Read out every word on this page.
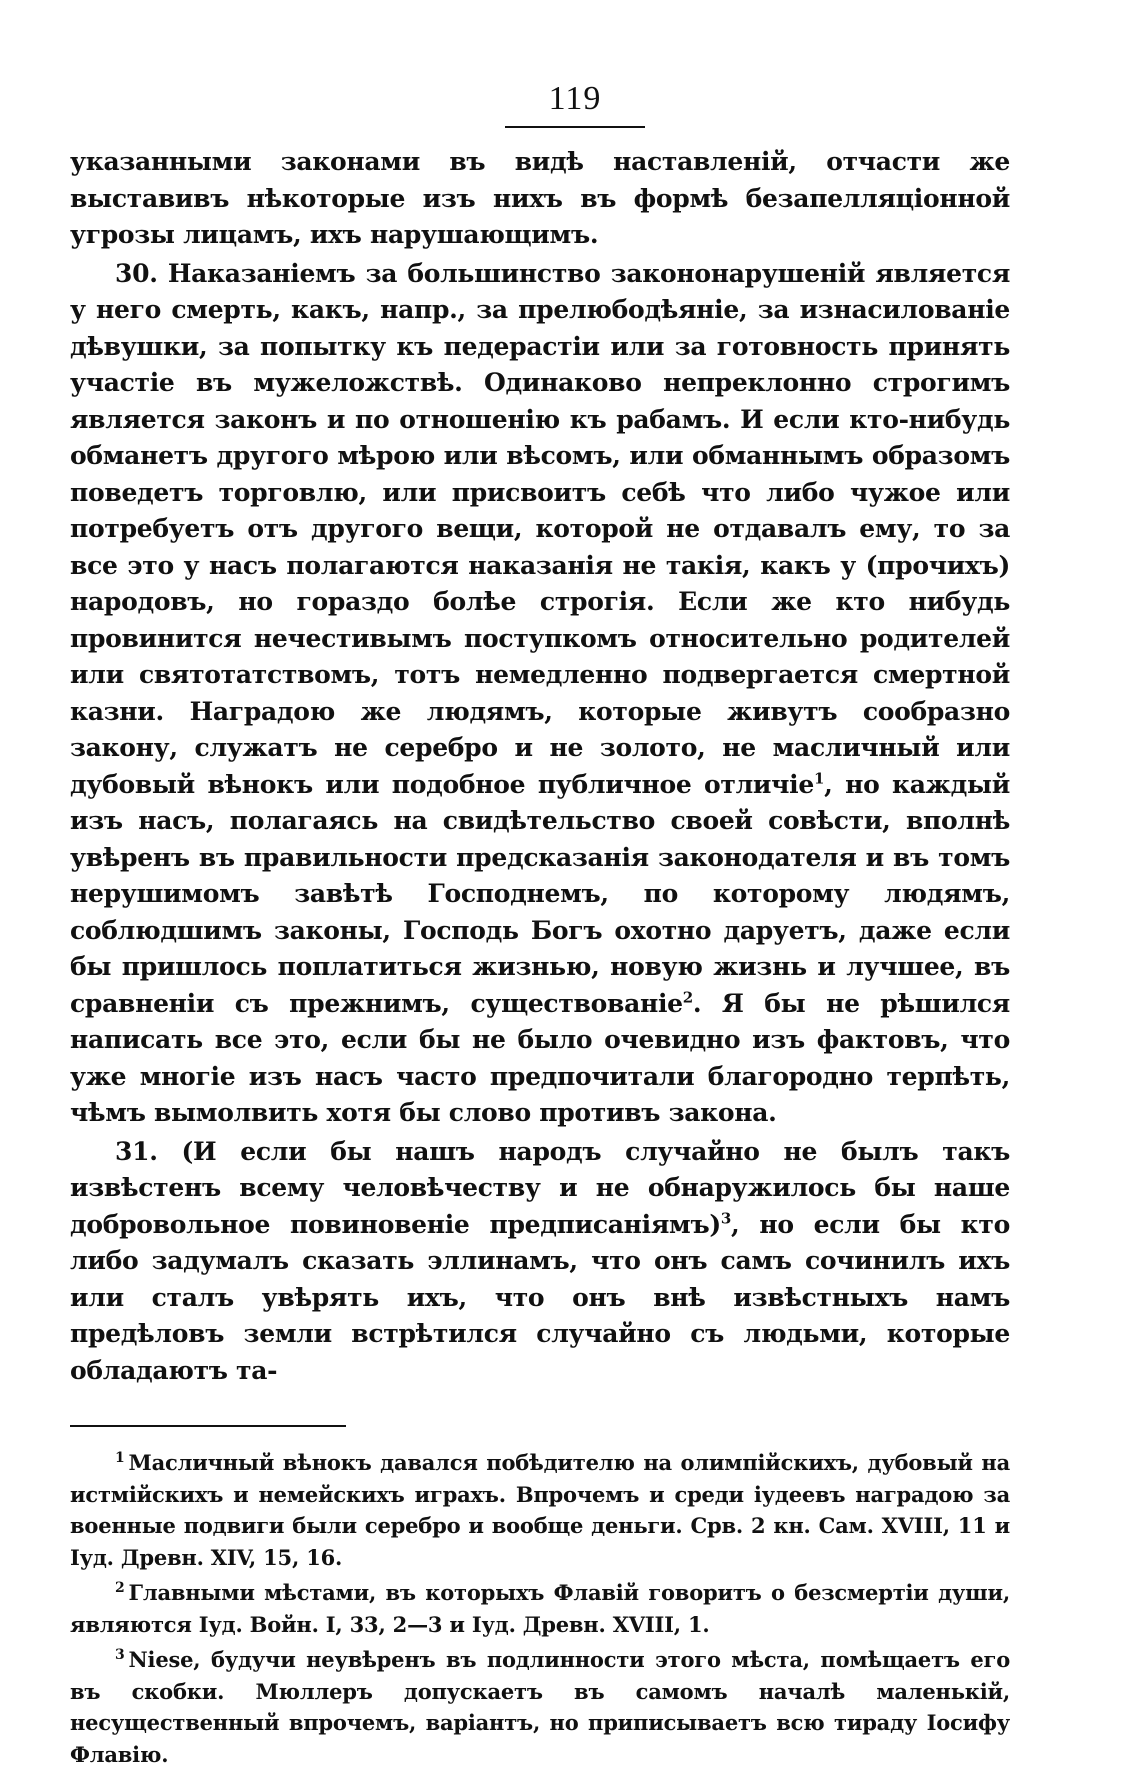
119

указанными законами въ видѣ наставленій, отчасти же выставивъ нѣкоторые изъ нихъ въ формѣ безапелляціонной угрозы лицамъ, ихъ нарушающимъ.

30. Наказаніемъ за большинство закононарушеній является у него смерть, какъ, напр., за прелюбодѣяніе, за изнасилованіе дѣвушки, за попытку къ педерастіи или за готовность принять участіе въ мужеложствѣ. Одинаково непреклонно строгимъ является законъ и по отношенію къ рабамъ. И если кто-нибудь обманетъ другого мѣрою или вѣсомъ, или обманнымъ образомъ поведетъ торговлю, или присвоитъ себѣ что либо чужое или потребуетъ отъ другого вещи, которой не отдавалъ ему, то за все это у насъ полагаются наказанія не такія, какъ у (прочихъ) народовъ, но гораздо болѣе строгія. Если же кто нибудь провинится нечестивымъ поступкомъ относительно родителей или святотатствомъ, тотъ немедленно подвергается смертной казни. Наградою же людямъ, которые живутъ сообразно закону, служатъ не серебро и не золото, не масличный или дубовый вѣнокъ или подобное публичное отличіе$^1$, но каждый изъ насъ, полагаясь на свидѣтельство своей совѣсти, вполнѣ увѣренъ въ правильности предсказанія законодателя и въ томъ нерушимомъ завѣтѣ Господнемъ, по которому людямъ, соблюдшимъ законы, Господь Богъ охотно даруетъ, даже если бы пришлось поплатиться жизнью, новую жизнь и лучшее, въ сравненіи съ прежнимъ, существованіе$^2$. Я бы не рѣшился написать все это, если бы не было очевидно изъ фактовъ, что уже многіе изъ насъ часто предпочитали благородно терпѣть, чѣмъ вымолвить хотя бы слово противъ закона.

31. (И если бы нашъ народъ случайно не былъ такъ извѣстенъ всему человѣчеству и не обнаружилось бы наше добровольное повиновеніе предписаніямъ)$^3$, но если бы кто либо задумалъ сказать эллинамъ, что онъ самъ сочинилъ ихъ или сталъ увѣрять ихъ, что онъ внѣ извѣстныхъ намъ предѣловъ земли встрѣтился случайно съ людьми, которые обладаютъ та-

$^1$ Масличный вѣнокъ давался побѣдителю на олимпійскихъ, дубовый на истмійскихъ и немейскихъ играхъ. Впрочемъ и среди іудеевъ наградою за военные подвиги были серебро и вообще деньги. Срв. 2 кн. Сам. XVIII, 11 и Іуд. Древн. XIV, 15, 16.

$^2$ Главными мѣстами, въ которыхъ Флавій говоритъ о безсмертіи души, являются Іуд. Войн. I, 33, 2—3 и Іуд. Древн. XVIII, 1.

$^3$ Niese, будучи неувѣренъ въ подлинности этого мѣста, помѣщаетъ его въ скобки. Мюллеръ допускаетъ въ самомъ началѣ маленькій, несущественный впрочемъ, варіантъ, но приписываетъ всю тираду Іосифу Флавію.
